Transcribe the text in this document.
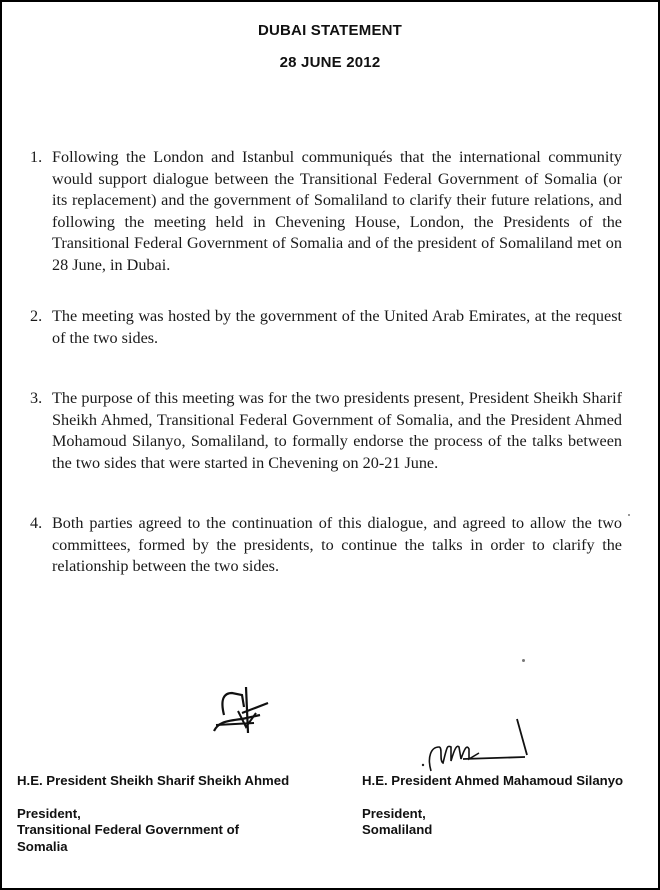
DUBAI STATEMENT
28 JUNE 2012
1. Following the London and Istanbul communiqués that the international community would support dialogue between the Transitional Federal Government of Somalia (or its replacement) and the government of Somaliland to clarify their future relations, and following the meeting held in Chevening House, London, the Presidents of the Transitional Federal Government of Somalia and of the president of Somaliland met on 28 June, in Dubai.
2. The meeting was hosted by the government of the United Arab Emirates, at the request of the two sides.
3. The purpose of this meeting was for the two presidents present, President Sheikh Sharif Sheikh Ahmed, Transitional Federal Government of Somalia, and the President Ahmed Mohamoud Silanyo, Somaliland, to formally endorse the process of the talks between the two sides that were started in Chevening on 20-21 June.
4. Both parties agreed to the continuation of this dialogue, and agreed to allow the two committees, formed by the presidents, to continue the talks in order to clarify the relationship between the two sides.
H.E. President Sheikh Sharif Sheikh Ahmed
President,
Transitional Federal Government of
Somalia
H.E. President Ahmed Mahamoud Silanyo
President,
Somaliland
